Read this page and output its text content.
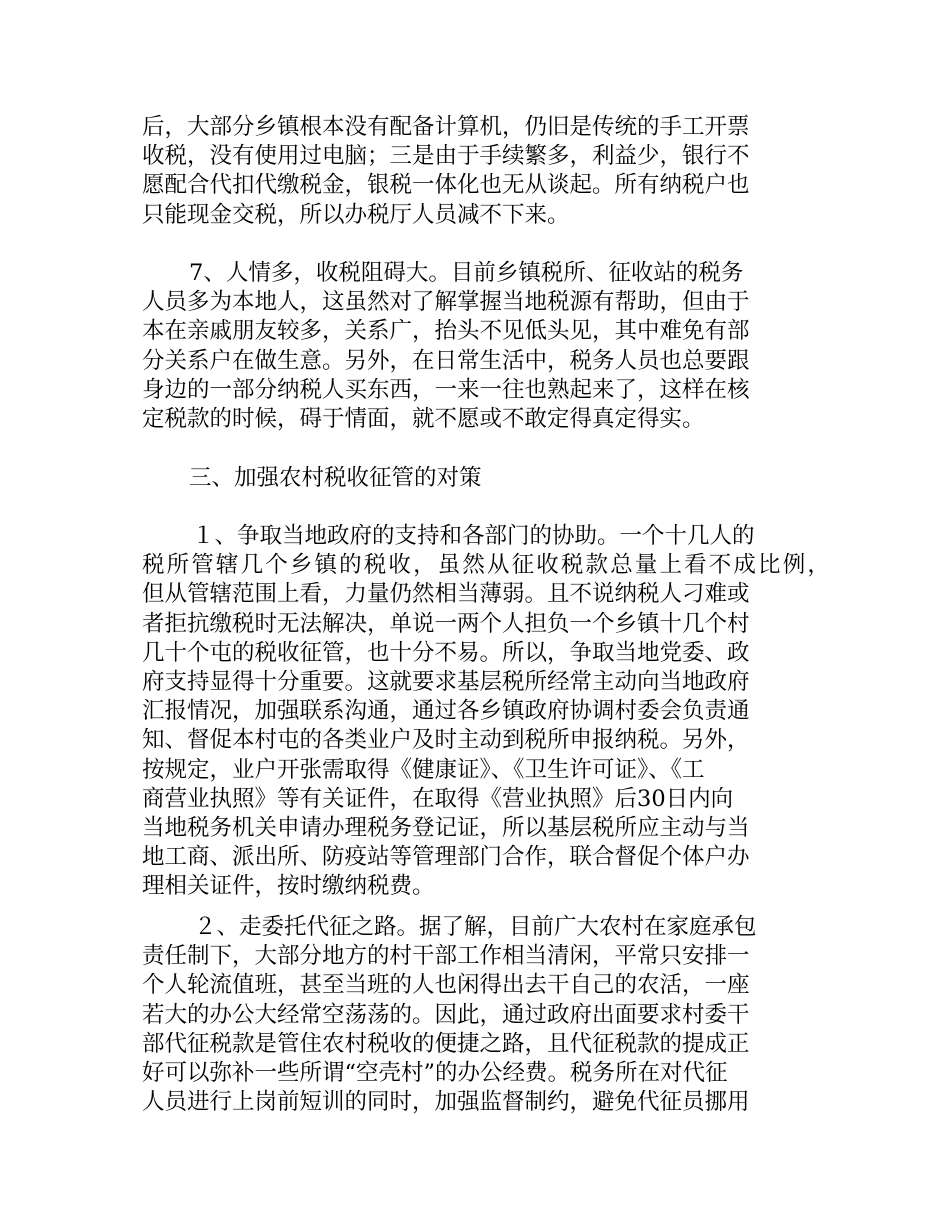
后，大部分乡镇根本没有配备计算机，仍旧是传统的手工开票
收税，没有使用过电脑；三是由于手续繁多，利益少，银行不
愿配合代扣代缴税金，银税一体化也无从谈起。所有纳税户也
只能现金交税，所以办税厅人员减不下来。
7、人情多，收税阻碍大。目前乡镇税所、征收站的税务
人员多为本地人，这虽然对了解掌握当地税源有帮助，但由于
本在亲戚朋友较多，关系广，抬头不见低头见，其中难免有部
分关系户在做生意。另外，在日常生活中，税务人员也总要跟
身边的一部分纳税人买东西，一来一往也熟起来了，这样在核
定税款的时候，碍于情面，就不愿或不敢定得真定得实。
三、加强农村税收征管的对策
１、争取当地政府的支持和各部门的协助。一个十几人的
税所管辖几个乡镇的税收，虽然从征收税款总量上看不成比例，
但从管辖范围上看，力量仍然相当薄弱。且不说纳税人刁难或
者拒抗缴税时无法解决，单说一两个人担负一个乡镇十几个村
几十个屯的税收征管，也十分不易。所以，争取当地党委、政
府支持显得十分重要。这就要求基层税所经常主动向当地政府
汇报情况，加强联系沟通，通过各乡镇政府协调村委会负责通
知、督促本村屯的各类业户及时主动到税所申报纳税。另外，
按规定，业户开张需取得《健康证》、《卫生许可证》、《工
商营业执照》等有关证件，在取得《营业执照》后30日内向
当地税务机关申请办理税务登记证，所以基层税所应主动与当
地工商、派出所、防疫站等管理部门合作，联合督促个体户办
理相关证件，按时缴纳税费。
２、走委托代征之路。据了解，目前广大农村在家庭承包
责任制下，大部分地方的村干部工作相当清闲，平常只安排一
个人轮流值班，甚至当班的人也闲得出去干自己的农活，一座
若大的办公大经常空荡荡的。因此，通过政府出面要求村委干
部代征税款是管住农村税收的便捷之路，且代征税款的提成正
好可以弥补一些所谓“空壳村”的办公经费。税务所在对代征
人员进行上岗前短训的同时，加强监督制约，避免代征员挪用
